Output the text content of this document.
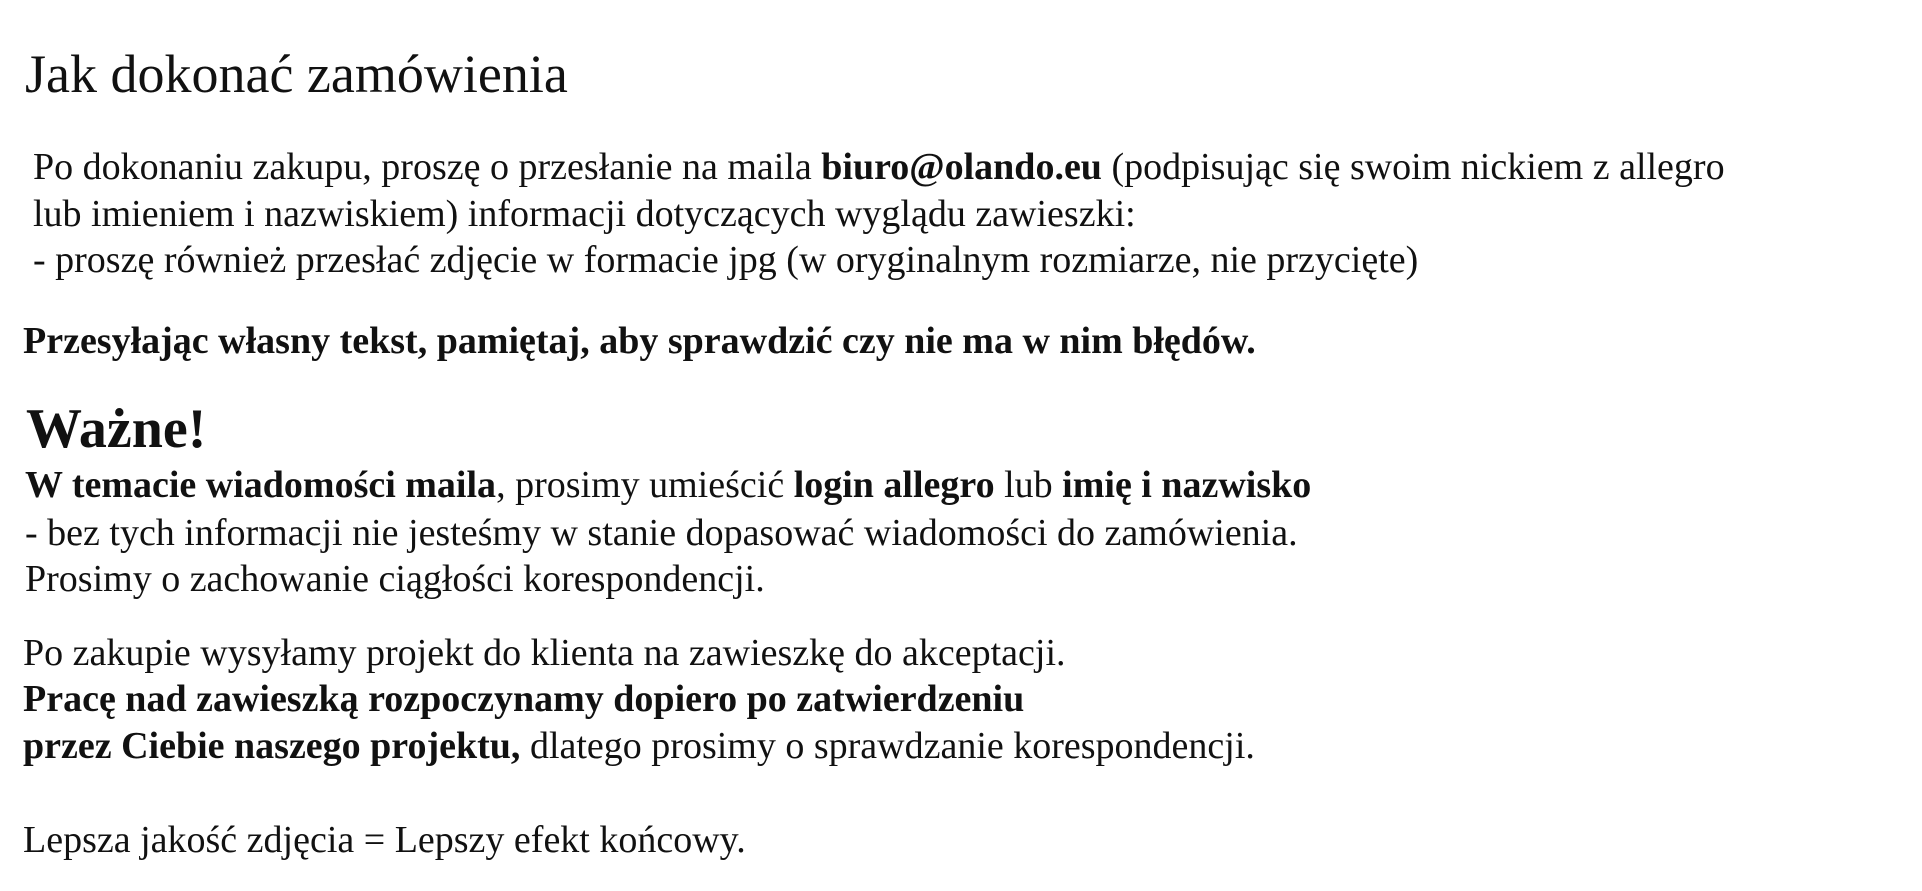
Jak dokonać zamówienia
Po dokonaniu zakupu, proszę o przesłanie na maila biuro@olando.eu (podpisując się swoim nickiem z allegro
lub imieniem i nazwiskiem) informacji dotyczących wyglądu zawieszki:
- proszę również przesłać zdjęcie w formacie jpg (w oryginalnym rozmiarze, nie przycięte)
Przesyłając własny tekst, pamiętaj, aby sprawdzić czy nie ma w nim błędów.
Ważne!
W temacie wiadomości maila, prosimy umieścić login allegro lub imię i nazwisko
- bez tych informacji nie jesteśmy w stanie dopasować wiadomości do zamówienia.
Prosimy o zachowanie ciągłości korespondencji.
Po zakupie wysyłamy projekt do klienta na zawieszkę do akceptacji.
Pracę nad zawieszką rozpoczynamy dopiero po zatwierdzeniu
przez Ciebie naszego projektu, dlatego prosimy o sprawdzanie korespondencji.
Lepsza jakość zdjęcia = Lepszy efekt końcowy.
